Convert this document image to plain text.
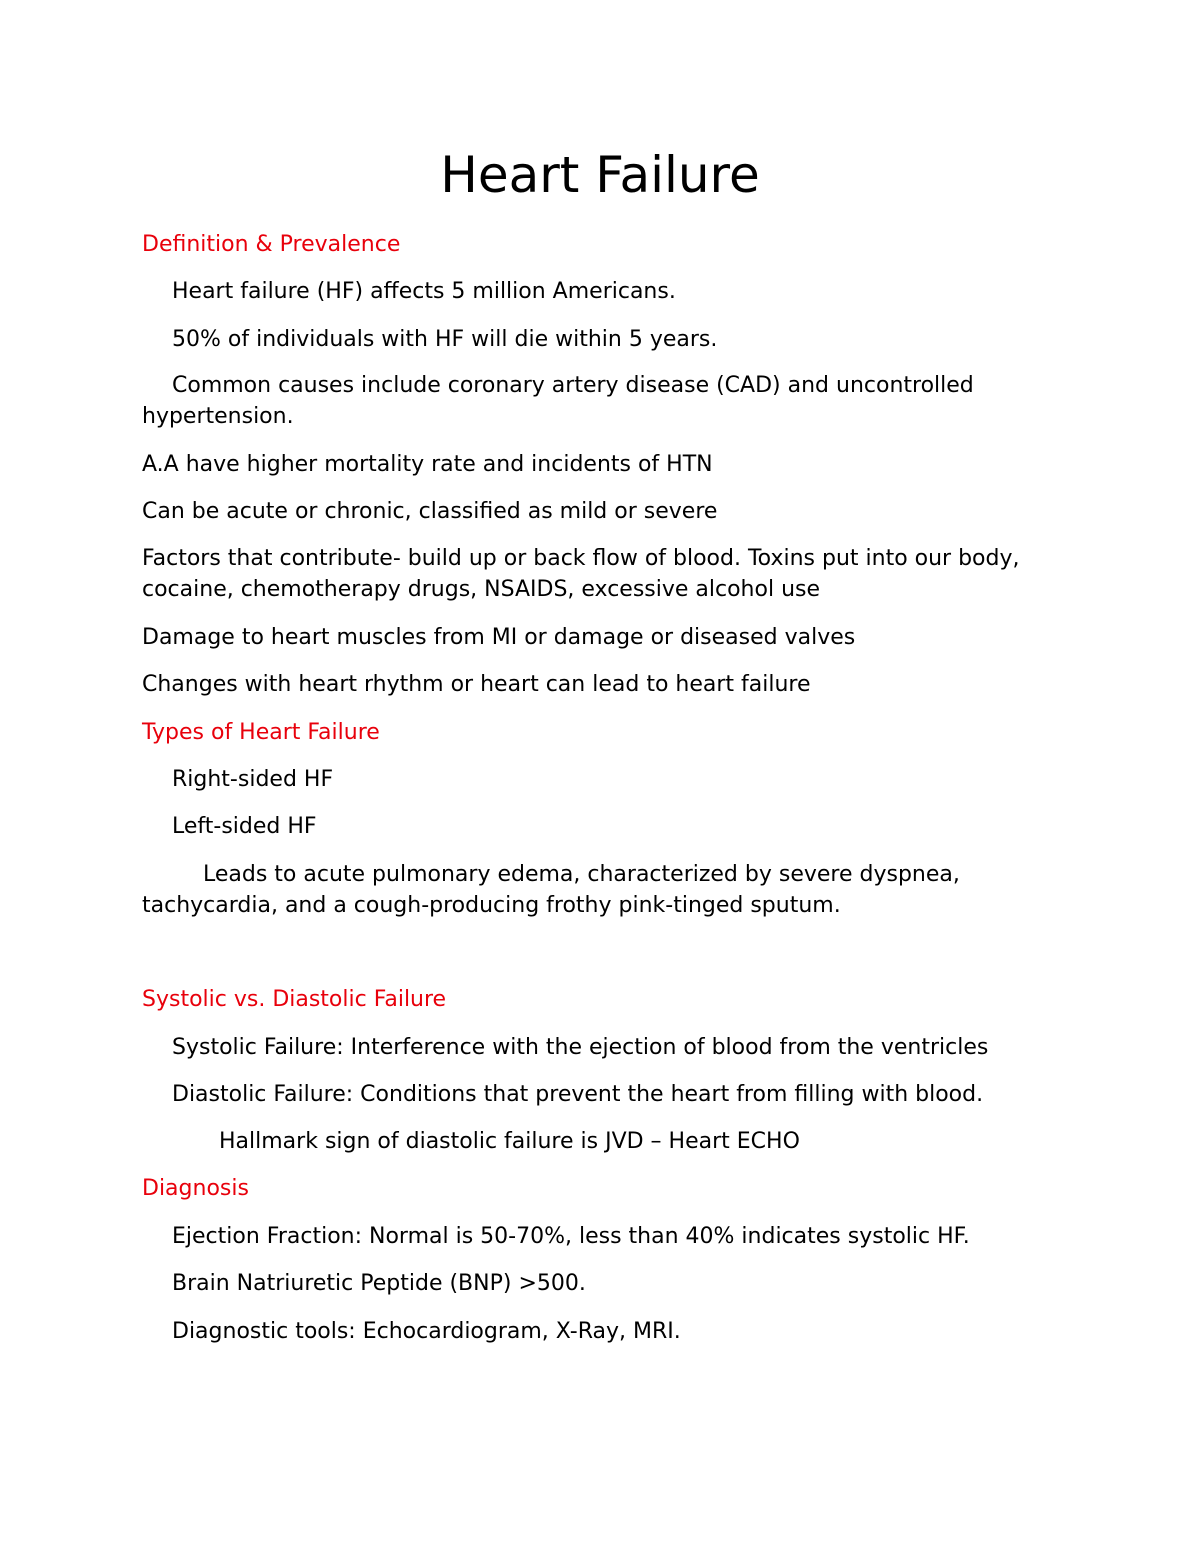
Heart Failure

Definition & Prevalence

Heart failure (HF) affects 5 million Americans.

50% of individuals with HF will die within 5 years.

Common causes include coronary artery disease (CAD) and uncontrolled hypertension.

A.A have higher mortality rate and incidents of HTN

Can be acute or chronic, classified as mild or severe

Factors that contribute- build up or back flow of blood. Toxins put into our body, cocaine, chemotherapy drugs, NSAIDS, excessive alcohol use

Damage to heart muscles from MI or damage or diseased valves

Changes with heart rhythm or heart can lead to heart failure

Types of Heart Failure

Right-sided HF

Left-sided HF

Leads to acute pulmonary edema, characterized by severe dyspnea, tachycardia, and a cough-producing frothy pink-tinged sputum.

Systolic vs. Diastolic Failure

Systolic Failure: Interference with the ejection of blood from the ventricles

Diastolic Failure: Conditions that prevent the heart from filling with blood.

Hallmark sign of diastolic failure is JVD – Heart ECHO

Diagnosis

Ejection Fraction: Normal is 50-70%, less than 40% indicates systolic HF.

Brain Natriuretic Peptide (BNP) >500.

Diagnostic tools: Echocardiogram, X-Ray, MRI.
